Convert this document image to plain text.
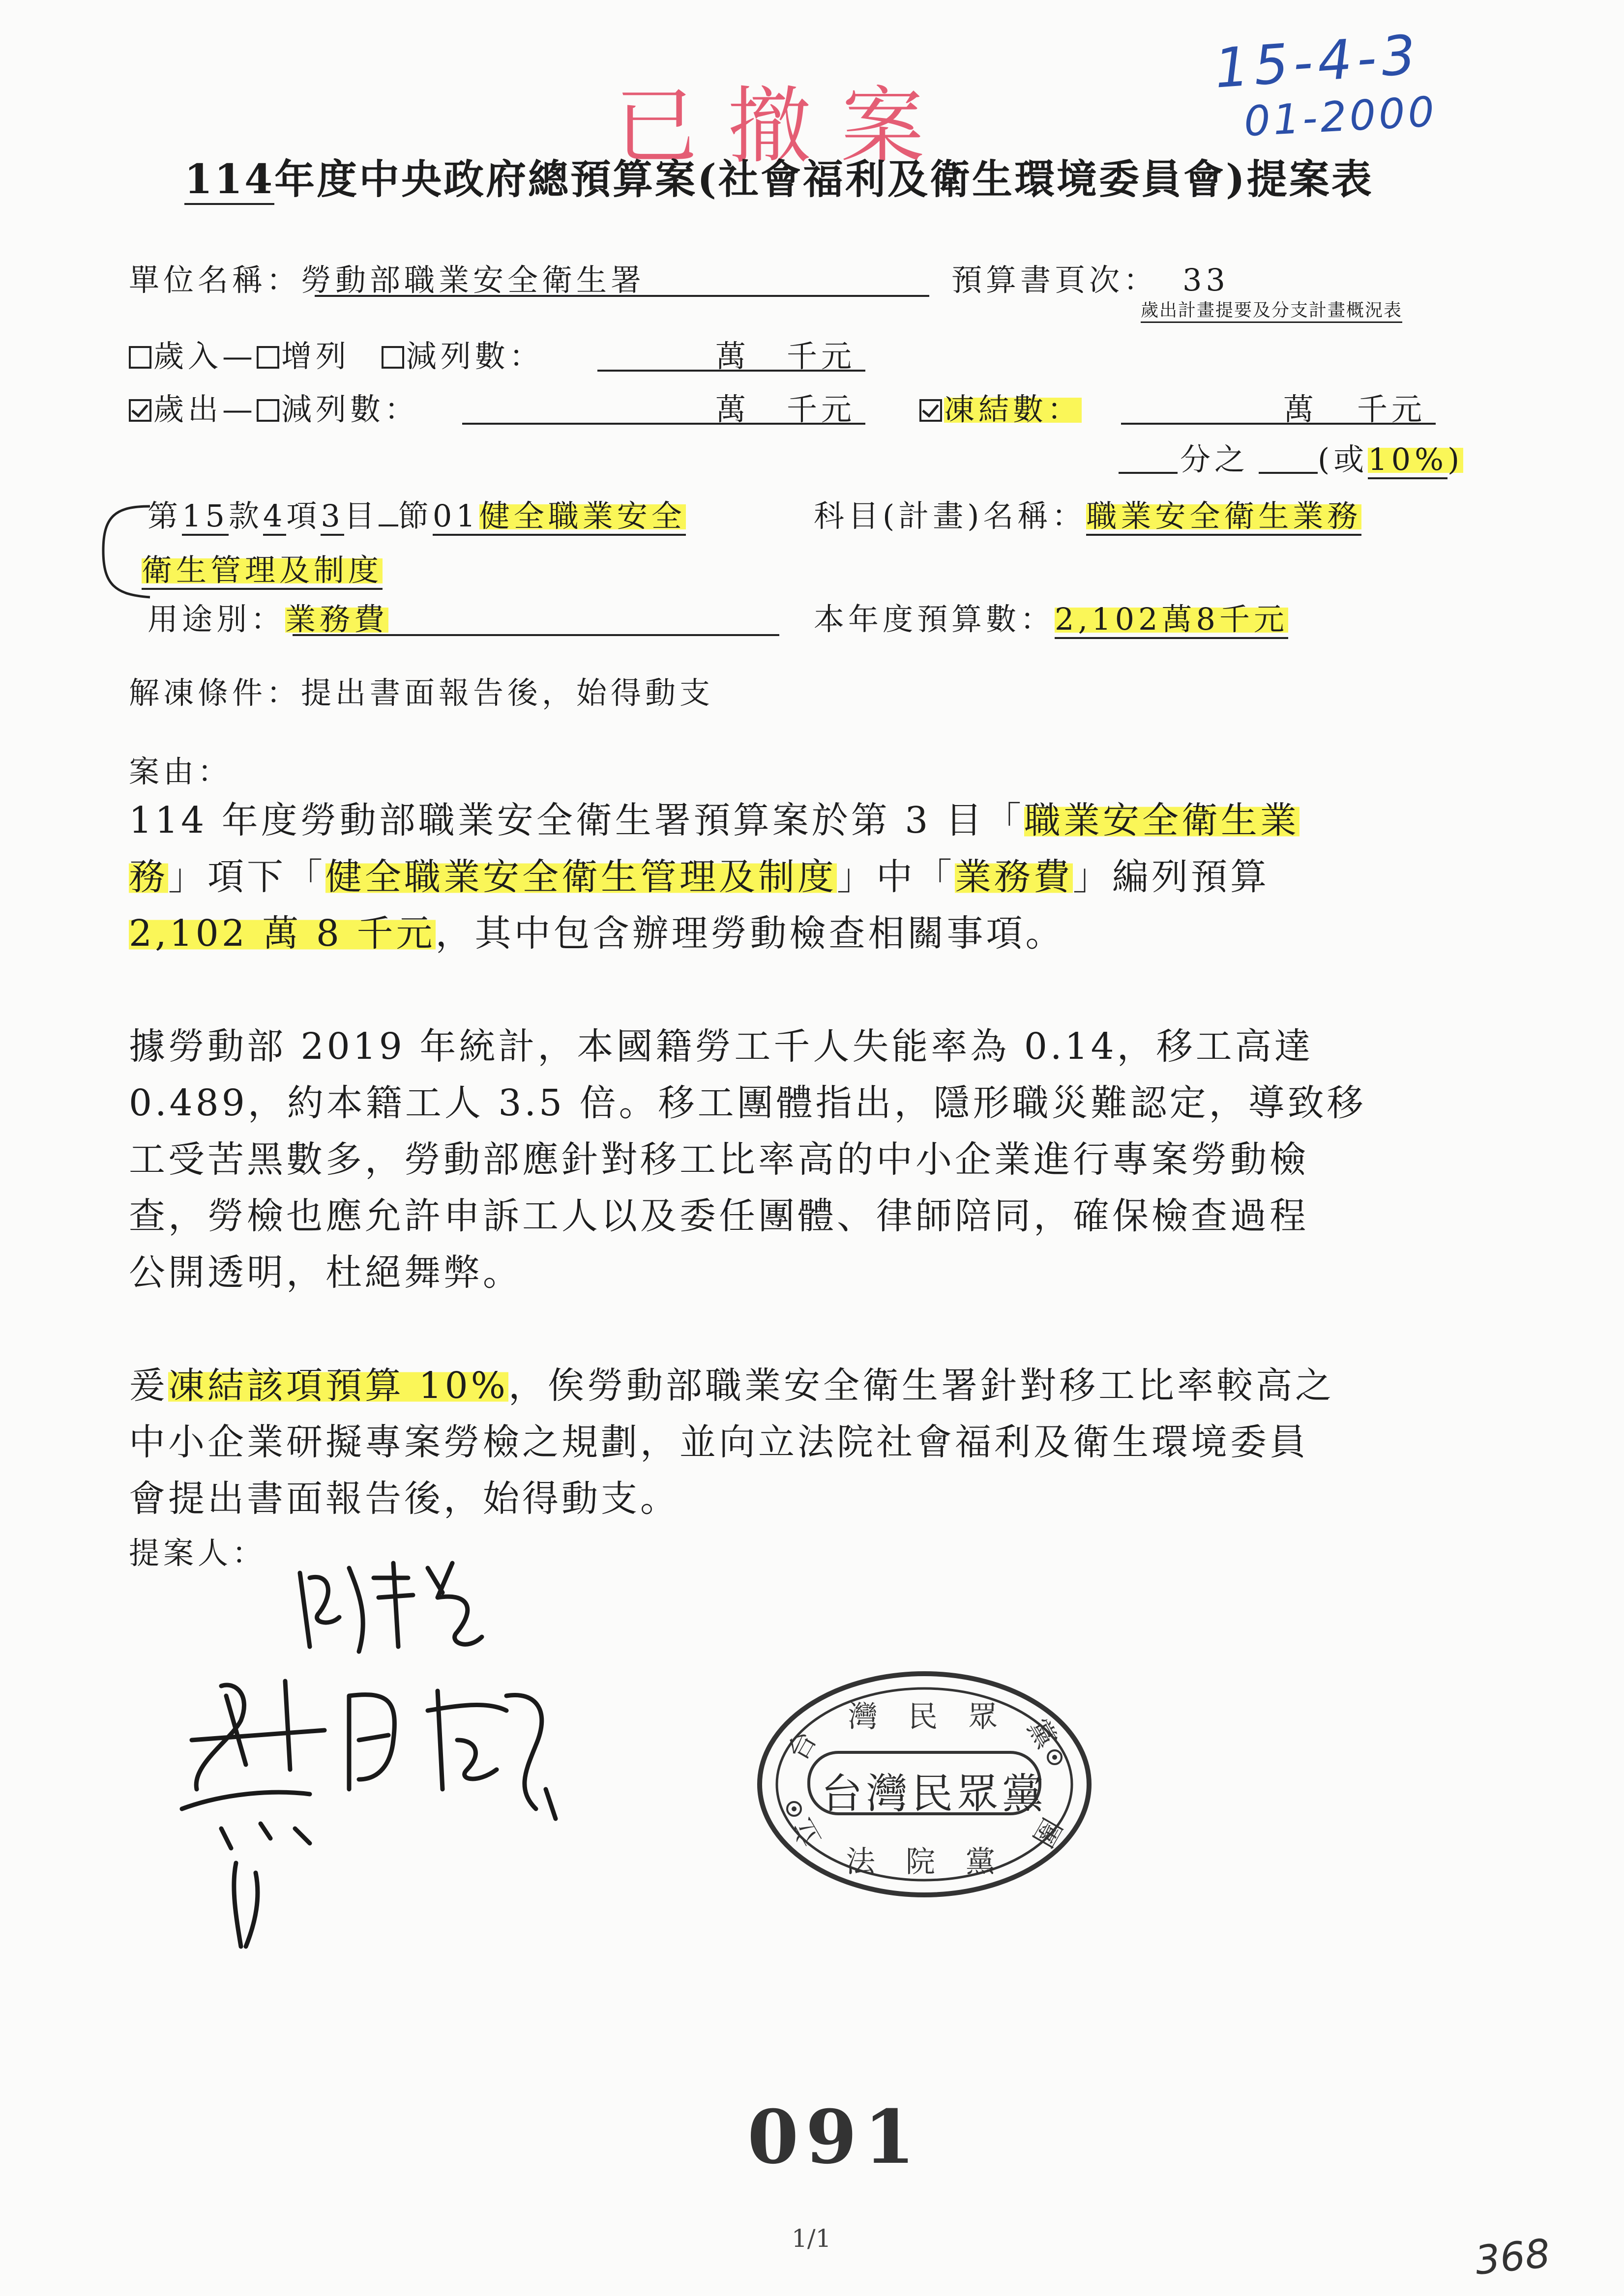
15-4-3
01-2000
已撤案
114年度中央政府總預算案(社會福利及衛生環境委員會)提案表
單位名稱：勞動部職業安全衛生署	預算書頁次： 33
歲出計畫提要及分支計畫概況表
歲入— 增列 減列數：	萬 千元
歲出— 減列數：	萬 千元	凍結數：	萬 千元
分之 (或10%)
第15款4項3目 節01健全職業安全	科目(計畫)名稱：職業安全衛生業務
衛生管理及制度
用途別：業務費	本年度預算數：2,102萬8千元
解凍條件：提出書面報告後，始得動支
案由：
114 年度勞動部職業安全衛生署預算案於第 3 目「職業安全衛生業
務」項下「健全職業安全衛生管理及制度」中「業務費」編列預算
2,102 萬 8 千元，其中包含辦理勞動檢查相關事項。
據勞動部 2019 年統計，本國籍勞工千人失能率為 0.14，移工高達
0.489，約本籍工人 3.5 倍。移工團體指出，隱形職災難認定，導致移
工受苦黑數多，勞動部應針對移工比率高的中小企業進行專案勞動檢
查，勞檢也應允許申訴工人以及委任團體、律師陪同，確保檢查過程
公開透明，杜絕舞弊。
爰凍結該項預算 10%，俟勞動部職業安全衛生署針對移工比率較高之
中小企業研擬專案勞檢之規劃，並向立法院社會福利及衛生環境委員
會提出書面報告後，始得動支。
提案人：
灣民眾
台灣民眾黨
法院黨
台
立
黨
團
091
1/1	368
